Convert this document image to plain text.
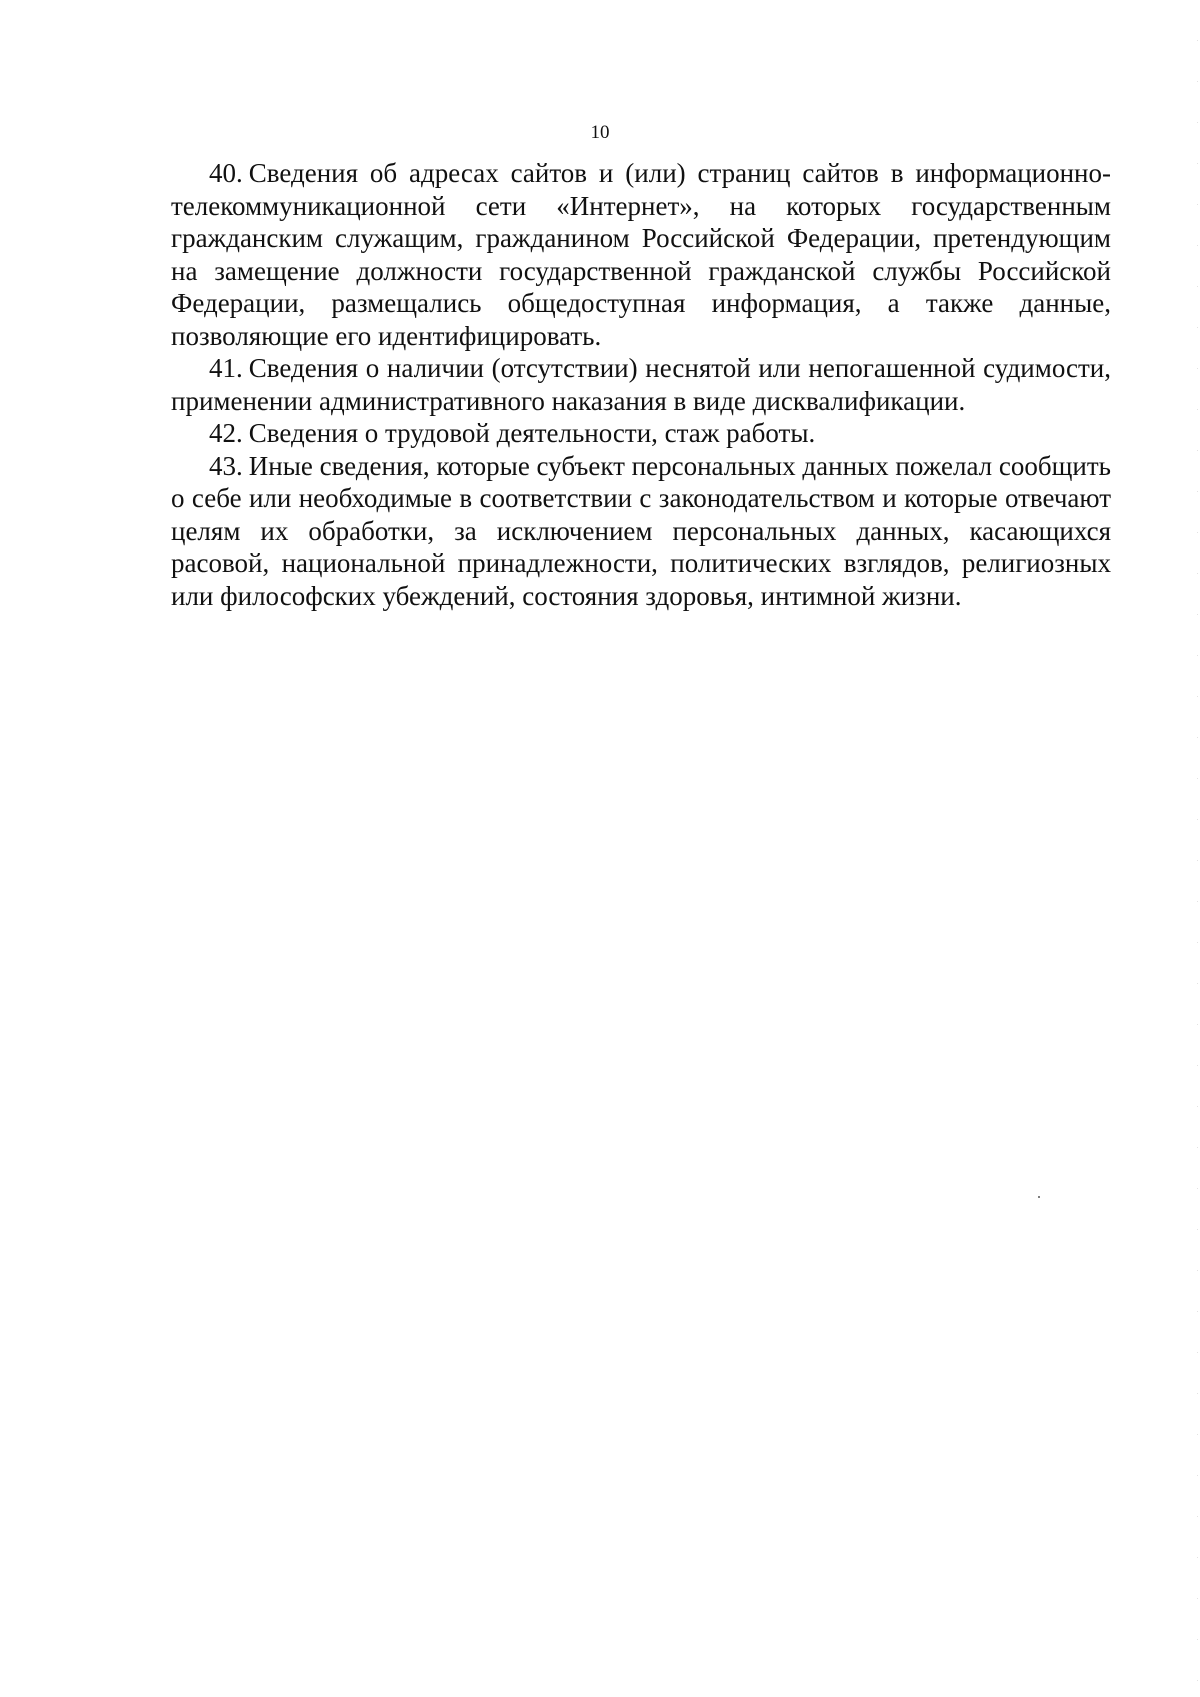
10

40. Сведения об адресах сайтов и (или) страниц сайтов в информационно-телекоммуникационной сети «Интернет», на которых государственным гражданским служащим, гражданином Российской Федерации, претендующим на замещение должности государственной гражданской службы Российской Федерации, размещались общедоступная информация, а также данные, позволяющие его идентифицировать.

41. Сведения о наличии (отсутствии) неснятой или непогашенной судимости, применении административного наказания в виде дисквалификации.

42. Сведения о трудовой деятельности, стаж работы.

43. Иные сведения, которые субъект персональных данных пожелал сообщить о себе или необходимые в соответствии с законодательством и которые отвечают целям их обработки, за исключением персональных данных, касающихся расовой, национальной принадлежности, политических взглядов, религиозных или философских убеждений, состояния здоровья, интимной жизни.
